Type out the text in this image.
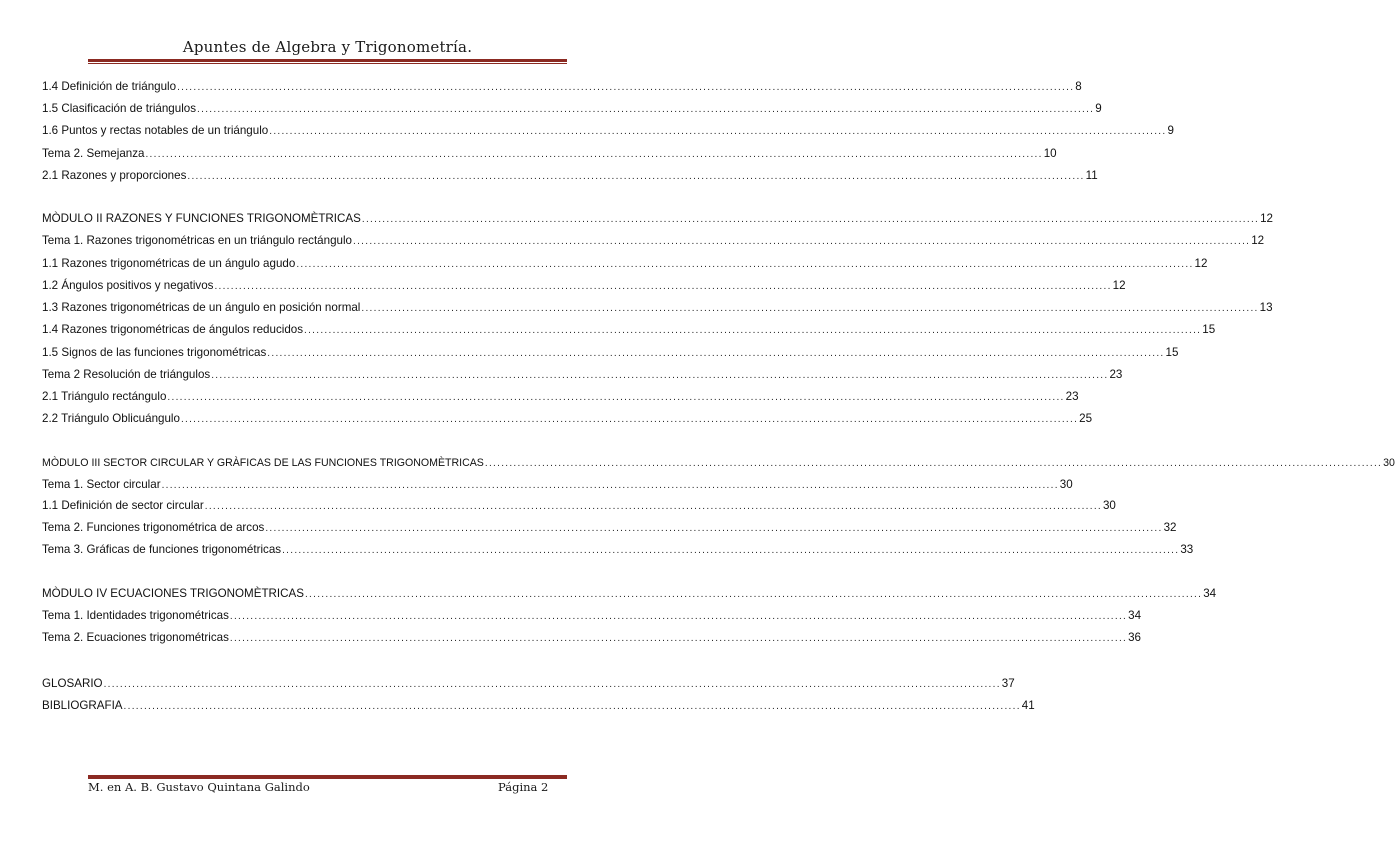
Apuntes de Algebra y Trigonometría.
1.4 Definición de triángulo ............................................................................................................................................................................................................................ 8
1.5 Clasificación de triángulos ............................................................................................................................................................................................................................ 9
1.6 Puntos y rectas notables de un triángulo ............................................................................................................................................................................................................................ 9
Tema 2. Semejanza ............................................................................................................................................................................................................................ 10
2.1 Razones y proporciones ............................................................................................................................................................................................................................ 11
MÒDULO II RAZONES Y FUNCIONES TRIGONOMÈTRICAS ............................................................................................................................................................................................................................ 12
Tema 1. Razones trigonométricas en un triángulo rectángulo ............................................................................................................................................................................................................................ 12
1.1 Razones trigonométricas de un ángulo agudo ............................................................................................................................................................................................................................ 12
1.2 Ángulos positivos y negativos ............................................................................................................................................................................................................................ 12
1.3 Razones trigonométricas de un ángulo en posición normal ............................................................................................................................................................................................................................ 13
1.4 Razones trigonométricas de ángulos reducidos ............................................................................................................................................................................................................................ 15
1.5 Signos de las funciones trigonométricas ............................................................................................................................................................................................................................ 15
Tema 2 Resolución de triángulos ............................................................................................................................................................................................................................ 23
2.1 Triángulo rectángulo ............................................................................................................................................................................................................................ 23
2.2 Triángulo Oblicuángulo ............................................................................................................................................................................................................................ 25
MÒDULO III SECTOR CIRCULAR Y GRÀFICAS DE LAS FUNCIONES TRIGONOMÈTRICAS ............................................................................................................................................................................................................................ 30
Tema 1. Sector circular ............................................................................................................................................................................................................................ 30
1.1 Definición de sector circular ............................................................................................................................................................................................................................ 30
Tema 2. Funciones trigonométrica de arcos ............................................................................................................................................................................................................................ 32
Tema 3. Gráficas de funciones trigonométricas ............................................................................................................................................................................................................................ 33
MÒDULO IV ECUACIONES TRIGONOMÈTRICAS ............................................................................................................................................................................................................................ 34
Tema 1. Identidades trigonométricas ............................................................................................................................................................................................................................ 34
Tema 2. Ecuaciones trigonométricas ............................................................................................................................................................................................................................ 36
GLOSARIO ............................................................................................................................................................................................................................ 37
BIBLIOGRAFIA ............................................................................................................................................................................................................................ 41
M. en A. B. Gustavo Quintana Galindo	Página 2
